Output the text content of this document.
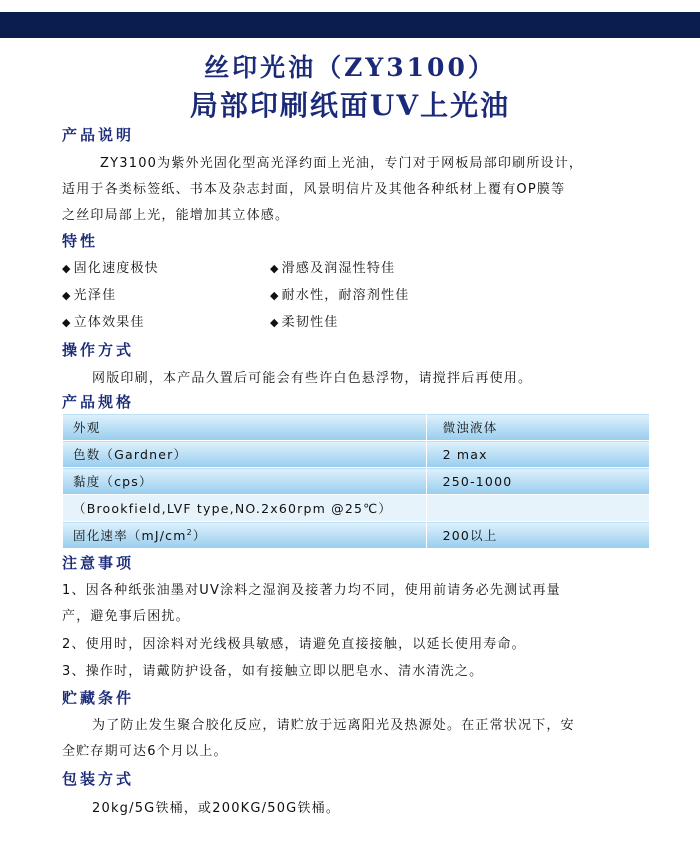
丝印光油（ZY3100）
局部印刷纸面UV上光油
产品说明
ZY3100为紫外光固化型高光泽约面上光油，专门对于网板局部印刷所设计，
适用于各类标签纸、书本及杂志封面，风景明信片及其他各种纸材上覆有OP膜等
之丝印局部上光，能增加其立体感。
特性
◆ 固化速度极快	◆ 滑感及润湿性特佳
◆ 光泽佳	◆ 耐水性，耐溶剂性佳
◆ 立体效果佳	◆ 柔韧性佳
操作方式
网版印刷，本产品久置后可能会有些许白色悬浮物，请搅拌后再使用。
产品规格
外观	微浊液体
色数（Gardner）	2 max
黏度（cps）	250-1000
（Brookfield,LVF type,NO.2x60rpm @25℃）	
固化速率$(mJ/cm^2)$	200以上
注意事项
1、因各种纸张油墨对UV涂料之湿润及接著力均不同，使用前请务必先测试再量
产，避免事后困扰。
2、使用时，因涂料对光线极具敏感，请避免直接接触，以延长使用寿命。
3、操作时，请戴防护设备，如有接触立即以肥皂水、清水清洗之。
贮藏条件
为了防止发生聚合胶化反应，请贮放于远离阳光及热源处。在正常状况下，安
全贮存期可达6个月以上。
包装方式
20kg/5G铁桶，或200KG/50G铁桶。
